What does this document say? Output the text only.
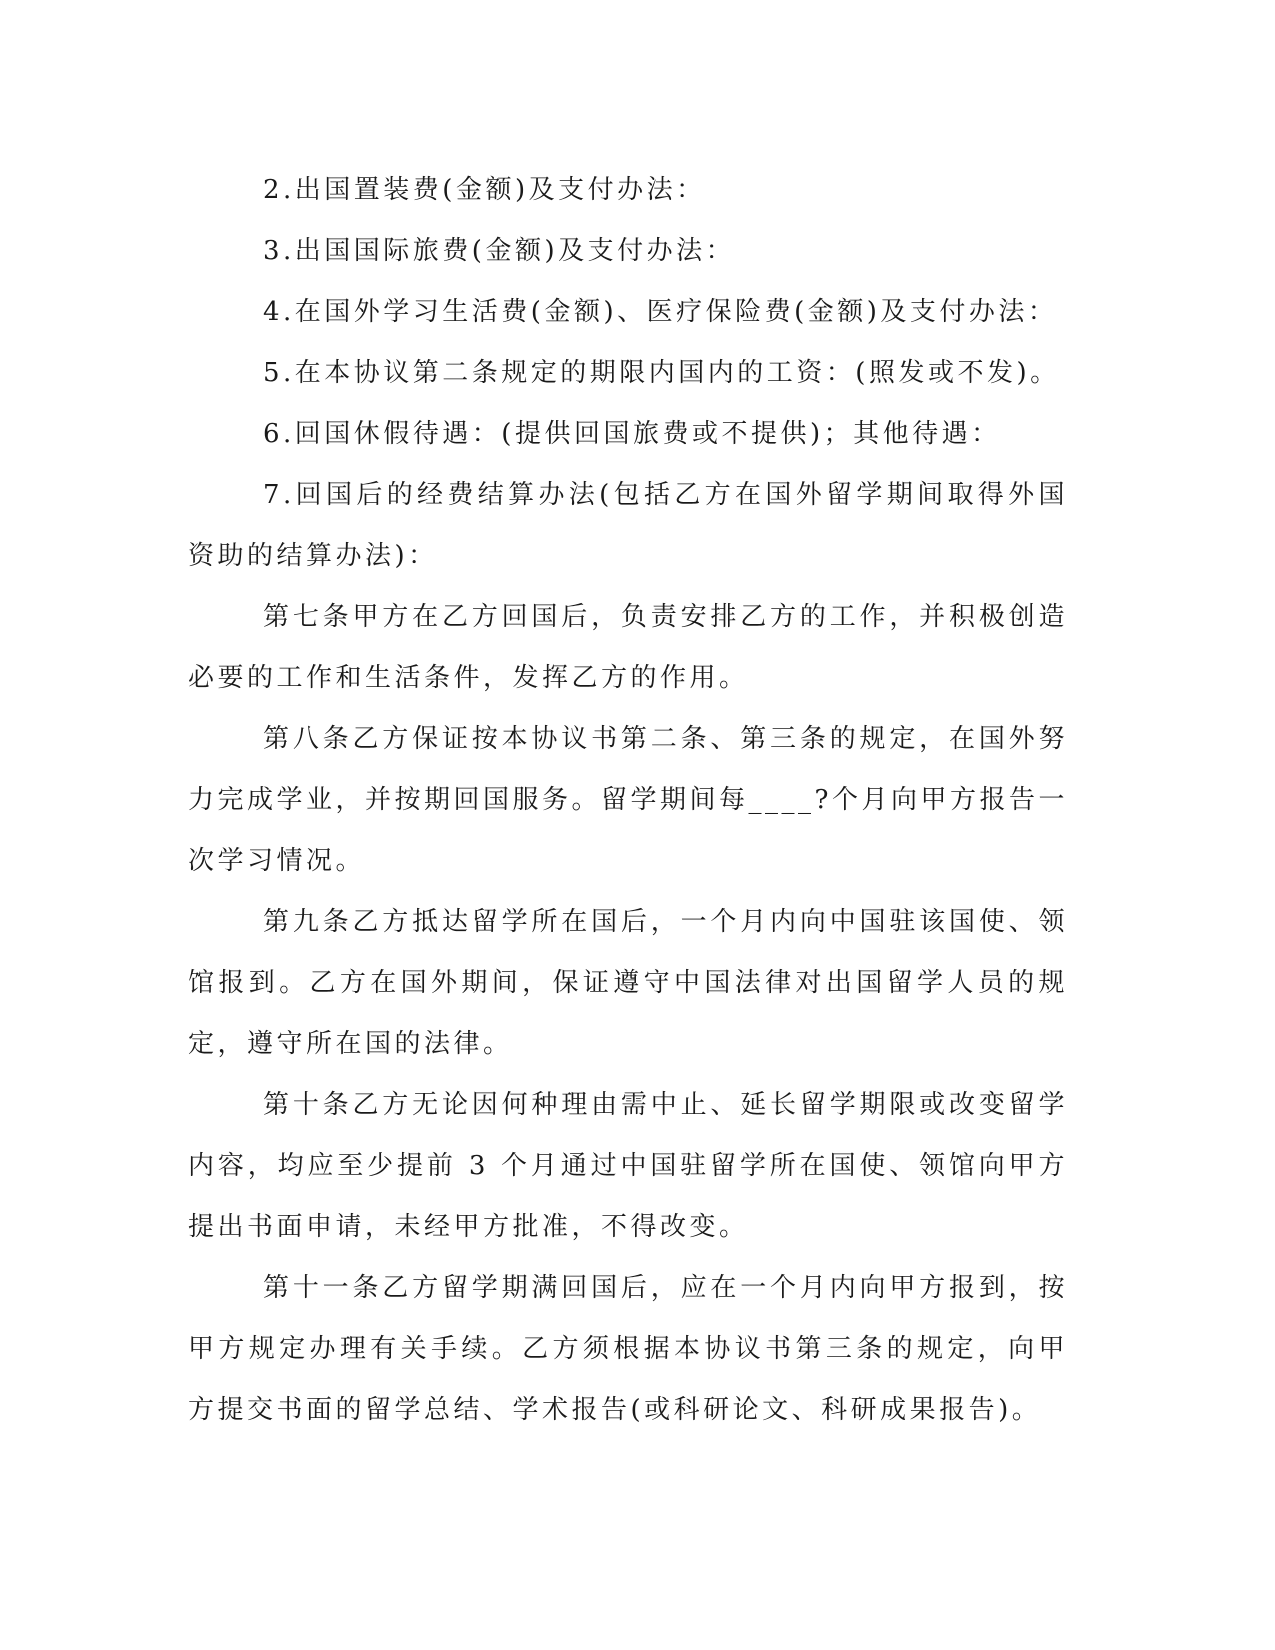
2.出国置装费(金额)及支付办法：

3.出国国际旅费(金额)及支付办法：

4.在国外学习生活费(金额)、医疗保险费(金额)及支付办法：

5.在本协议第二条规定的期限内国内的工资：(照发或不发)。

6.回国休假待遇：(提供回国旅费或不提供)；其他待遇：

7.回国后的经费结算办法(包括乙方在国外留学期间取得外国资助的结算办法)：

第七条甲方在乙方回国后，负责安排乙方的工作，并积极创造必要的工作和生活条件，发挥乙方的作用。

第八条乙方保证按本协议书第二条、第三条的规定，在国外努力完成学业，并按期回国服务。留学期间每____?个月向甲方报告一次学习情况。

第九条乙方抵达留学所在国后，一个月内向中国驻该国使、领馆报到。乙方在国外期间，保证遵守中国法律对出国留学人员的规定，遵守所在国的法律。

第十条乙方无论因何种理由需中止、延长留学期限或改变留学内容，均应至少提前 3 个月通过中国驻留学所在国使、领馆向甲方提出书面申请，未经甲方批准，不得改变。

第十一条乙方留学期满回国后，应在一个月内向甲方报到，按甲方规定办理有关手续。乙方须根据本协议书第三条的规定，向甲方提交书面的留学总结、学术报告(或科研论文、科研成果报告)。
